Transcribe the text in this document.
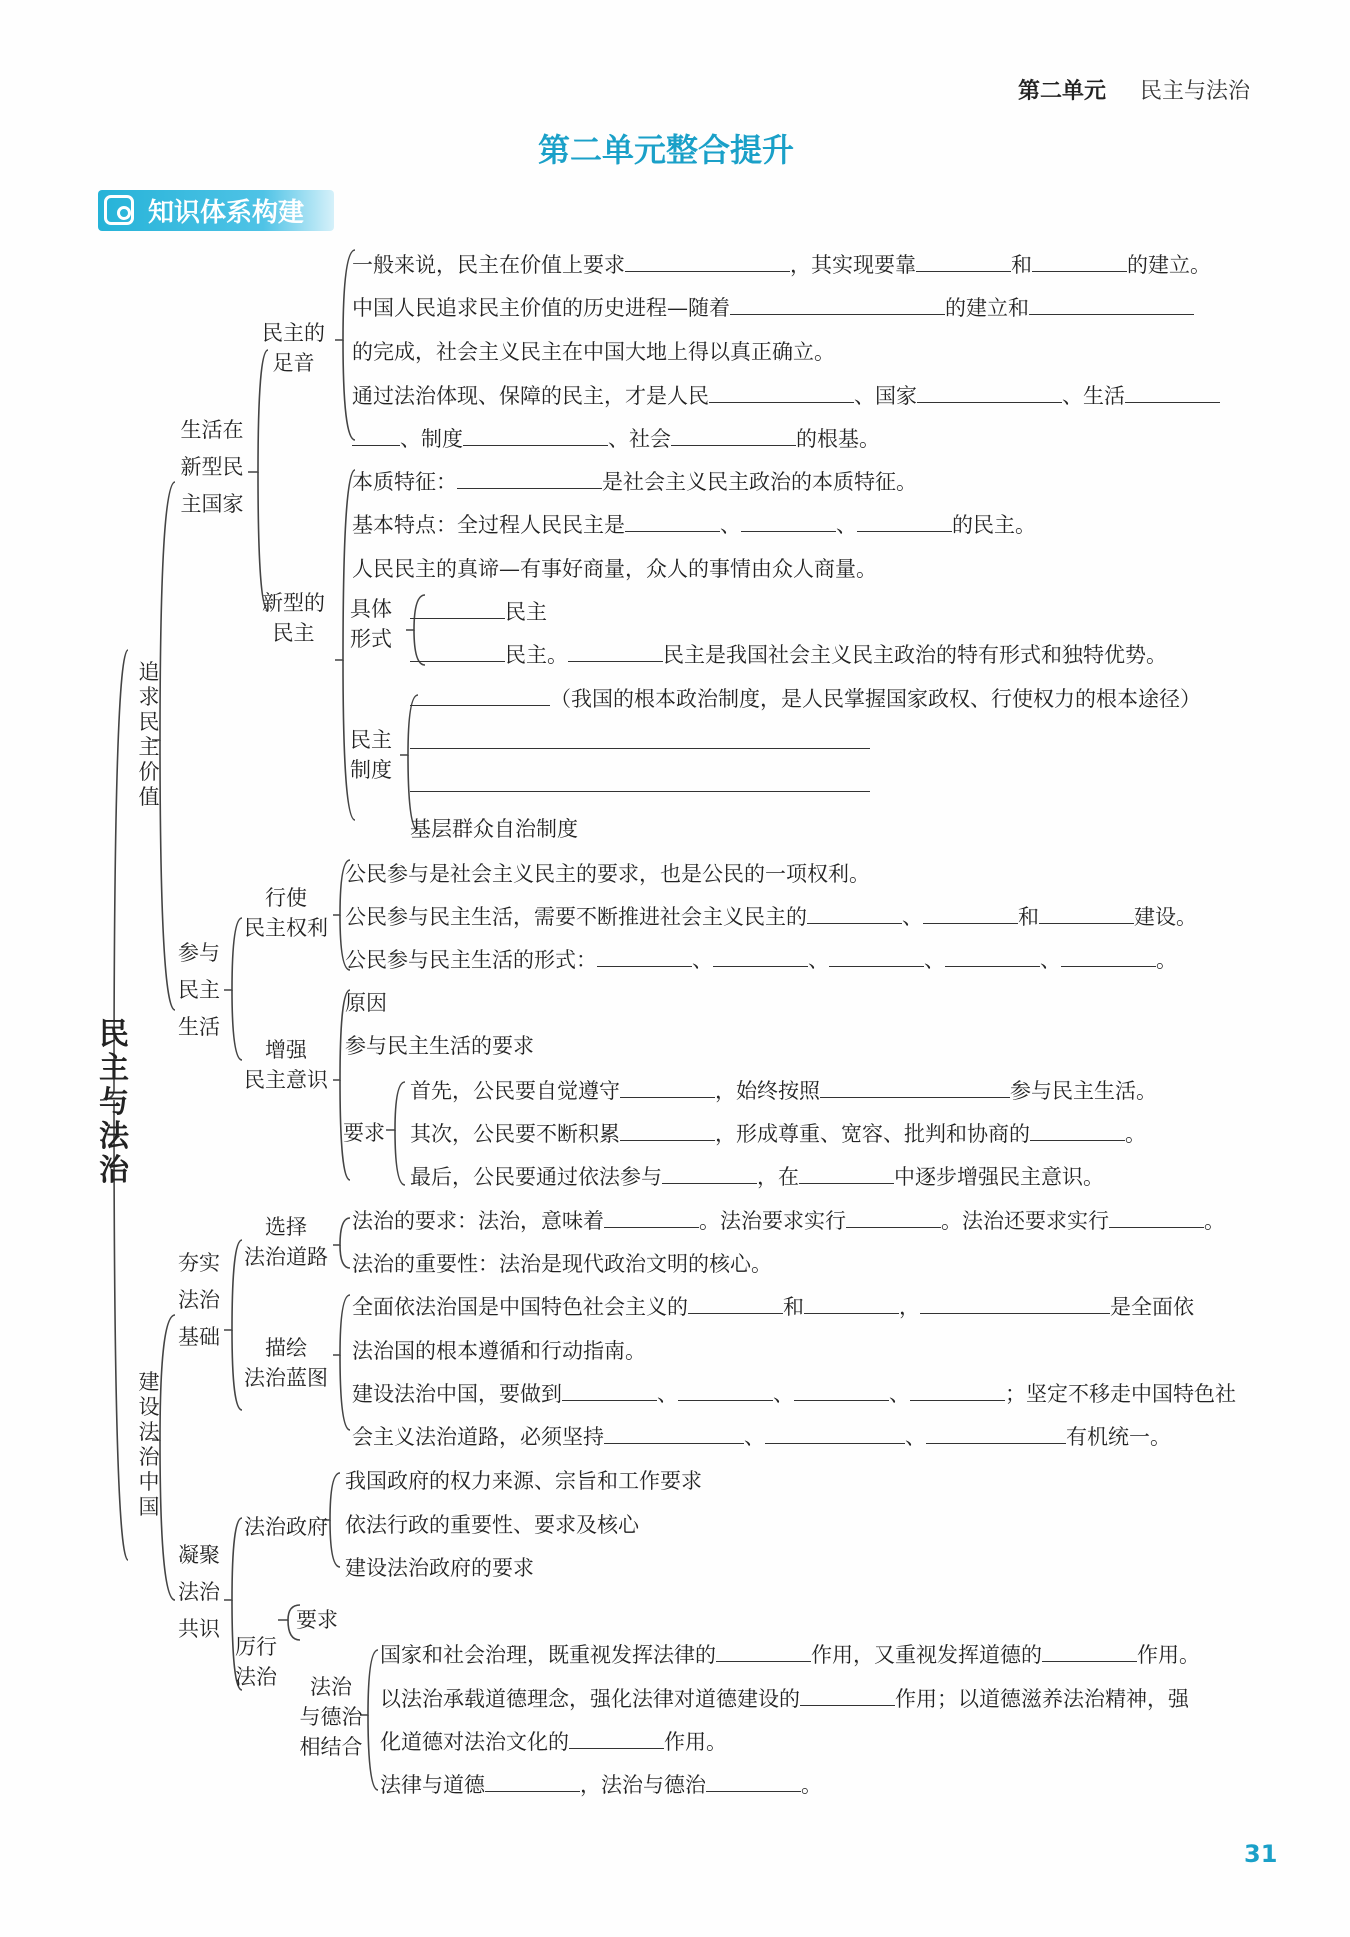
第二单元 民主与法治
第二单元整合提升
知识体系构建
民主与法治
追求民主价值
建设法治中国
生活在新型民主国家
参与民主生活
夯实法治基础
凝聚法治共识
民主的
足音
新型的
民主
行使
民主权利
增强
民主意识
选择
法治道路
描绘
法治蓝图
法治政府
厉行
法治
具体
形式
民主
制度
要求
要求
法治
与德治
相结合
一般来说，民主在价值上要求	，其实现要靠	和	的建立。
中国人民追求民主价值的历史进程—随着	的建立和
的完成，社会主义民主在中国大地上得以真正确立。
通过法治体现、保障的民主，才是人民	、国家	、生活
、制度	、社会	的根基。
本质特征：	是社会主义民主政治的本质特征。
基本特点：全过程人民民主是	、	、	的民主。
人民民主的真谛—有事好商量，众人的事情由众人商量。
民主
民主。	民主是我国社会主义民主政治的特有形式和独特优势。
（我国的根本政治制度，是人民掌握国家政权、行使权力的根本途径）
基层群众自治制度
公民参与是社会主义民主的要求，也是公民的一项权利。
公民参与民主生活，需要不断推进社会主义民主的	、	和	建设。
公民参与民主生活的形式：	、	、	、	、	。
原因
参与民主生活的要求
首先，公民要自觉遵守	，始终按照	参与民主生活。
其次，公民要不断积累	，形成尊重、宽容、批判和协商的	。
最后，公民要通过依法参与	，在	中逐步增强民主意识。
法治的要求：法治，意味着	。法治要求实行	。法治还要求实行	。
法治的重要性：法治是现代政治文明的核心。
全面依法治国是中国特色社会主义的	和	，	是全面依
法治国的根本遵循和行动指南。
建设法治中国，要做到	、	、	、	；坚定不移走中国特色社
会主义法治道路，必须坚持	、	、	有机统一。
我国政府的权力来源、宗旨和工作要求
依法行政的重要性、要求及核心
建设法治政府的要求
国家和社会治理，既重视发挥法律的	作用，又重视发挥道德的	作用。
以法治承载道德理念，强化法律对道德建设的	作用；以道德滋养法治精神，强
化道德对法治文化的	作用。
法律与道德	，法治与德治	。
31
